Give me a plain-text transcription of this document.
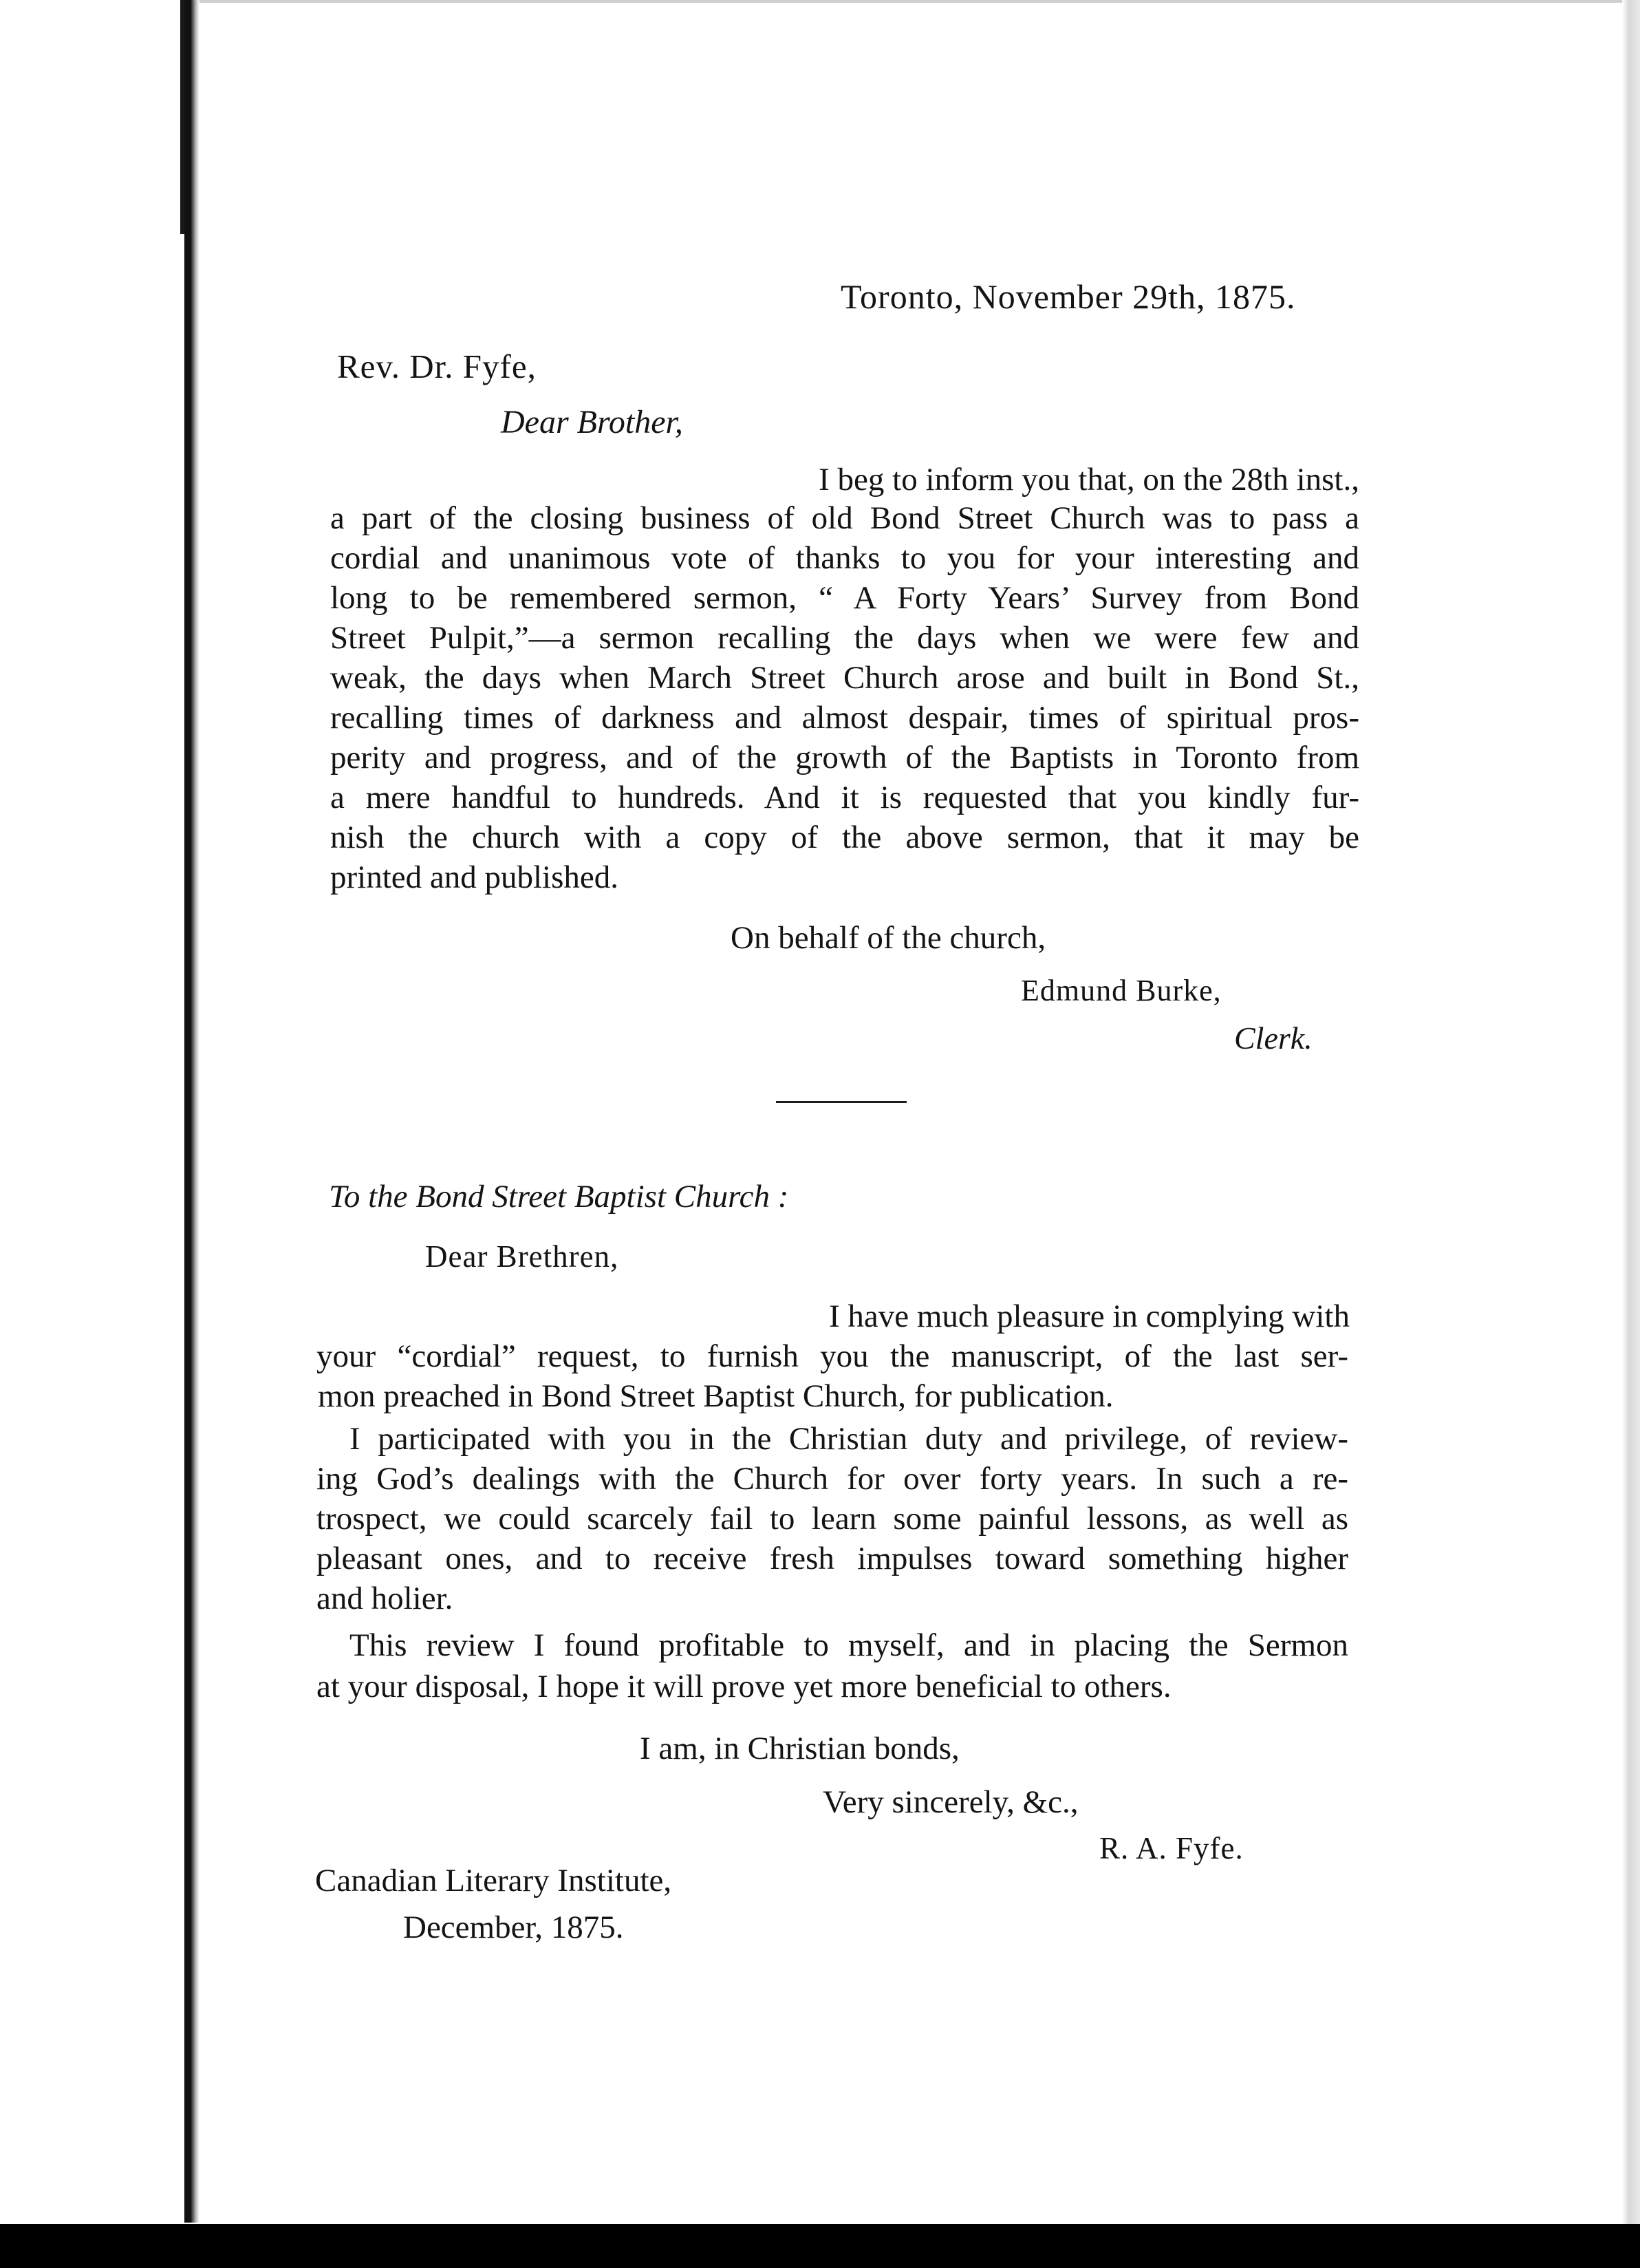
Toronto, November 29th, 1875.
Rev. Dr. Fyfe,
Dear Brother,
I beg to inform you that, on the 28th inst.,
a part of the closing business of old Bond Street Church was to pass a
cordial and unanimous vote of thanks to you for your interesting and
long to be remembered sermon, “ A Forty Years’ Survey from Bond
Street Pulpit,”—a sermon recalling the days when we were few and
weak, the days when March Street Church arose and built in Bond St.,
recalling times of darkness and almost despair, times of spiritual pros-
perity and progress, and of the growth of the Baptists in Toronto from
a mere handful to hundreds. And it is requested that you kindly fur-
nish the church with a copy of the above sermon, that it may be
printed and published.
On behalf of the church,
Edmund Burke,
Clerk.
To the Bond Street Baptist Church :
Dear Brethren,
I have much pleasure in complying with
your “cordial” request, to furnish you the manuscript, of the last ser-
mon preached in Bond Street Baptist Church, for publication.
I participated with you in the Christian duty and privilege, of review-
ing God’s dealings with the Church for over forty years. In such a re-
trospect, we could scarcely fail to learn some painful lessons, as well as
pleasant ones, and to receive fresh impulses toward something higher
and holier.
This review I found profitable to myself, and in placing the Sermon
at your disposal, I hope it will prove yet more beneficial to others.
I am, in Christian bonds,
Very sincerely, &c.,
R. A. Fyfe.
Canadian Literary Institute,
December, 1875.
